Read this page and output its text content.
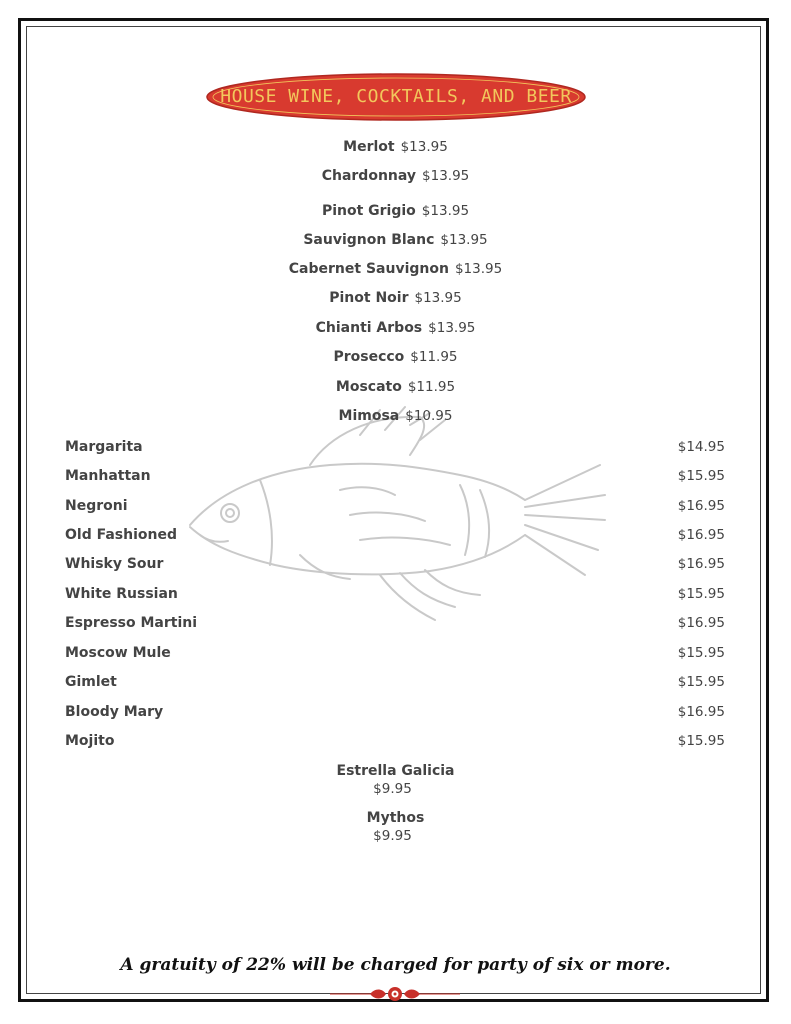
HOUSE WINE, COCKTAILS, AND BEER
Merlot $13.95
Chardonnay $13.95
Pinot Grigio $13.95
Sauvignon Blanc $13.95
Cabernet Sauvignon $13.95
Pinot Noir $13.95
Chianti Arbos $13.95
Prosecco $11.95
Moscato $11.95
Mimosa $10.95
Margarita	$14.95
Manhattan	$15.95
Negroni	$16.95
Old Fashioned	$16.95
Whisky Sour	$16.95
White Russian	$15.95
Espresso Martini	$16.95
Moscow Mule	$15.95
Gimlet	$15.95
Bloody Mary	$16.95
Mojito	$15.95
Estrella Galicia
$9.95
Mythos
$9.95
A gratuity of 22% will be charged for party of six or more.
